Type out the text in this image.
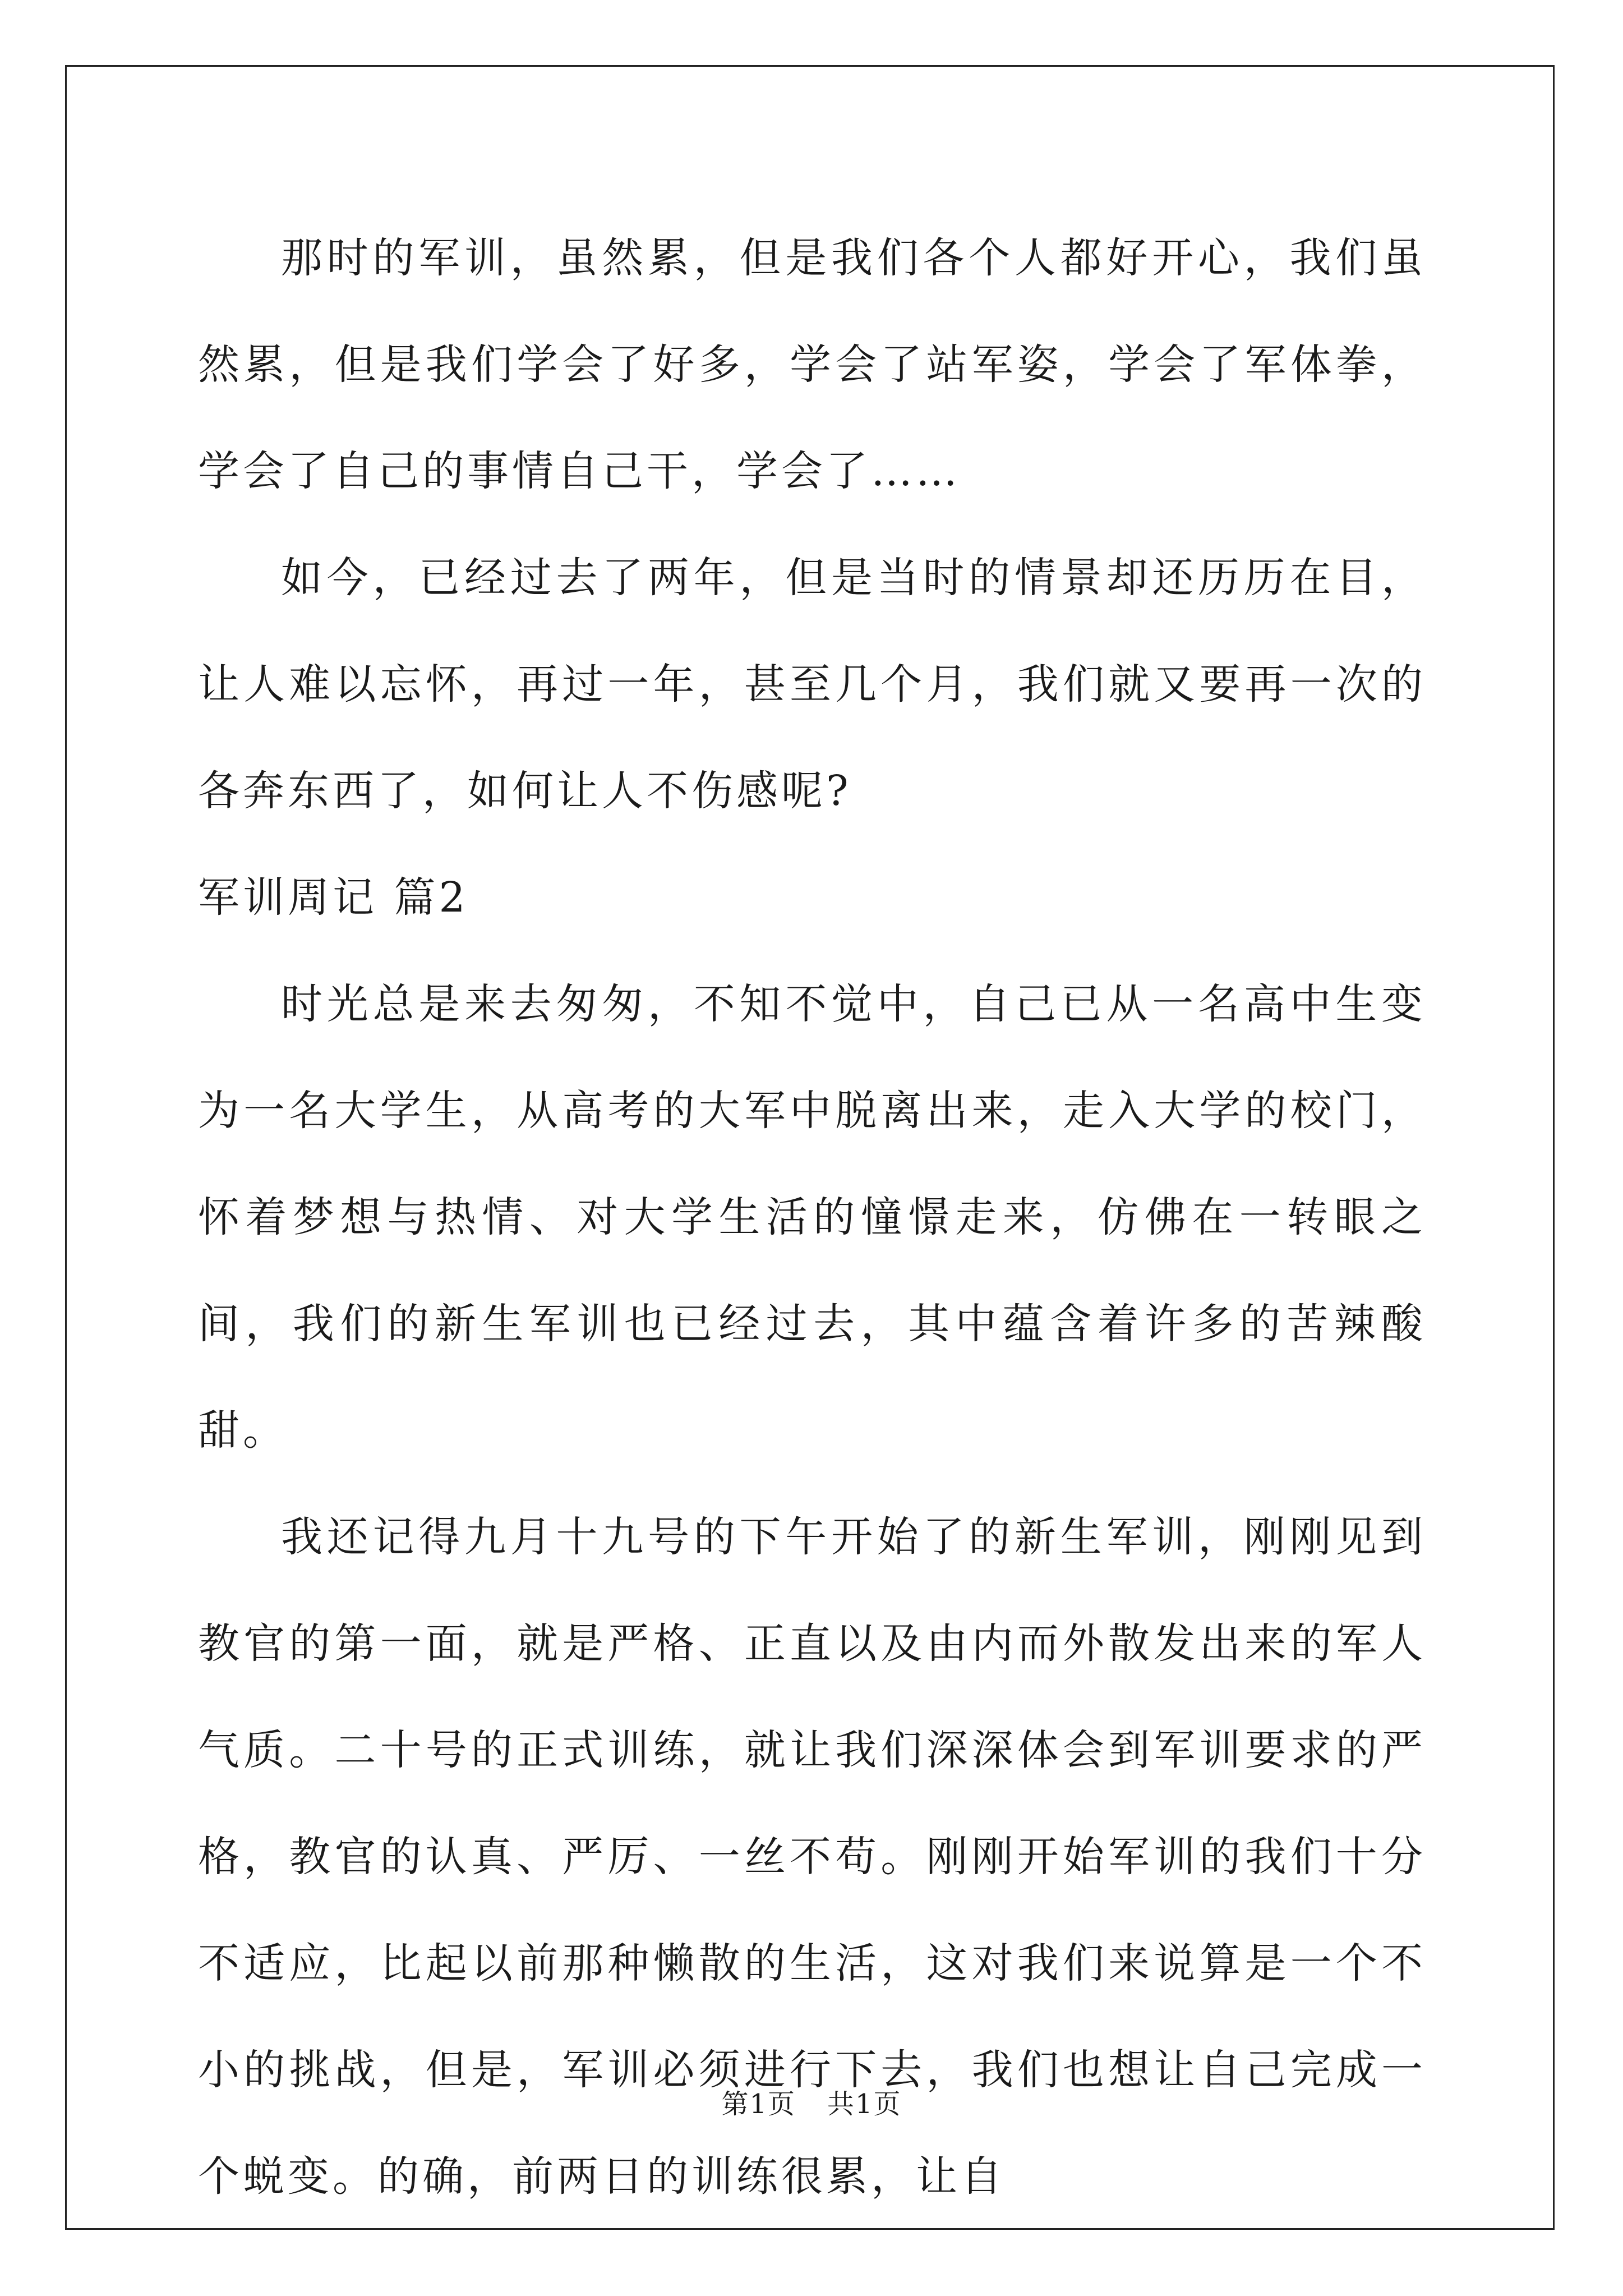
那时的军训，虽然累，但是我们各个人都好开心，我们虽然累，但是我们学会了好多，学会了站军姿，学会了军体拳，学会了自己的事情自己干，学会了……

如今，已经过去了两年，但是当时的情景却还历历在目，让人难以忘怀，再过一年，甚至几个月，我们就又要再一次的各奔东西了，如何让人不伤感呢?

军训周记 篇2

时光总是来去匆匆，不知不觉中，自己已从一名高中生变为一名大学生，从高考的大军中脱离出来，走入大学的校门，怀着梦想与热情、对大学生活的憧憬走来，仿佛在一转眼之间，我们的新生军训也已经过去，其中蕴含着许多的苦辣酸甜。

我还记得九月十九号的下午开始了的新生军训，刚刚见到教官的第一面，就是严格、正直以及由内而外散发出来的军人气质。二十号的正式训练，就让我们深深体会到军训要求的严格，教官的认真、严厉、一丝不苟。刚刚开始军训的我们十分不适应，比起以前那种懒散的生活，这对我们来说算是一个不小的挑战，但是，军训必须进行下去，我们也想让自己完成一个蜕变。的确，前两日的训练很累，让自

第1页 共1页
